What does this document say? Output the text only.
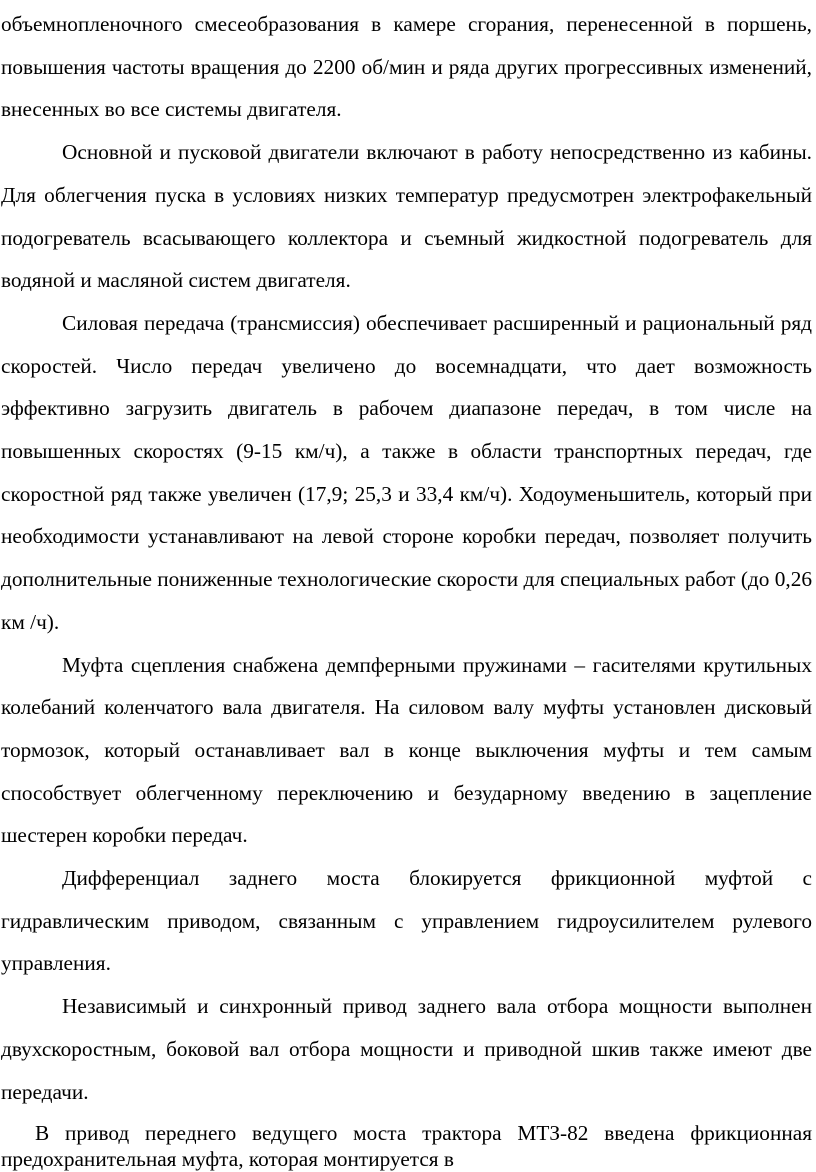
объемнопленочного смесеобразования в камере сгорания, перенесенной в поршень, повышения частоты вращения до 2200 об/мин и ряда других прогрессивных изменений, внесенных во все системы двигателя.

Основной и пусковой двигатели включают в работу непосредственно из кабины. Для облегчения пуска в условиях низких температур предусмотрен электрофакельный подогреватель всасывающего коллектора и съемный жидкостной подогреватель для водяной и масляной систем двигателя.

Силовая передача (трансмиссия) обеспечивает расширенный и рациональный ряд скоростей. Число передач увеличено до восемнадцати, что дает возможность эффективно загрузить двигатель в рабочем диапазоне передач, в том числе на повышенных скоростях (9-15 км/ч), а также в области транспортных передач, где скоростной ряд также увеличен (17,9; 25,3 и 33,4 км/ч). Ходоуменьшитель, который при необходимости устанавливают на левой стороне коробки передач, позволяет получить дополнительные пониженные технологические скорости для специальных работ (до 0,26 км /ч).

Муфта сцепления снабжена демпферными пружинами – гасителями крутильных колебаний коленчатого вала двигателя. На силовом валу муфты установлен дисковый тормозок, который останавливает вал в конце выключения муфты и тем самым способствует облегченному переключению и безударному введению в зацепление шестерен коробки передач.

Дифференциал заднего моста блокируется фрикционной муфтой с гидравлическим приводом, связанным с управлением гидроусилителем рулевого управления.

Независимый и синхронный привод заднего вала отбора мощности выполнен двухскоростным, боковой вал отбора мощности и приводной шкив также имеют две передачи.

В привод переднего ведущего моста трактора МТЗ-82 введена фрикционная предохранительная муфта, которая монтируется в
